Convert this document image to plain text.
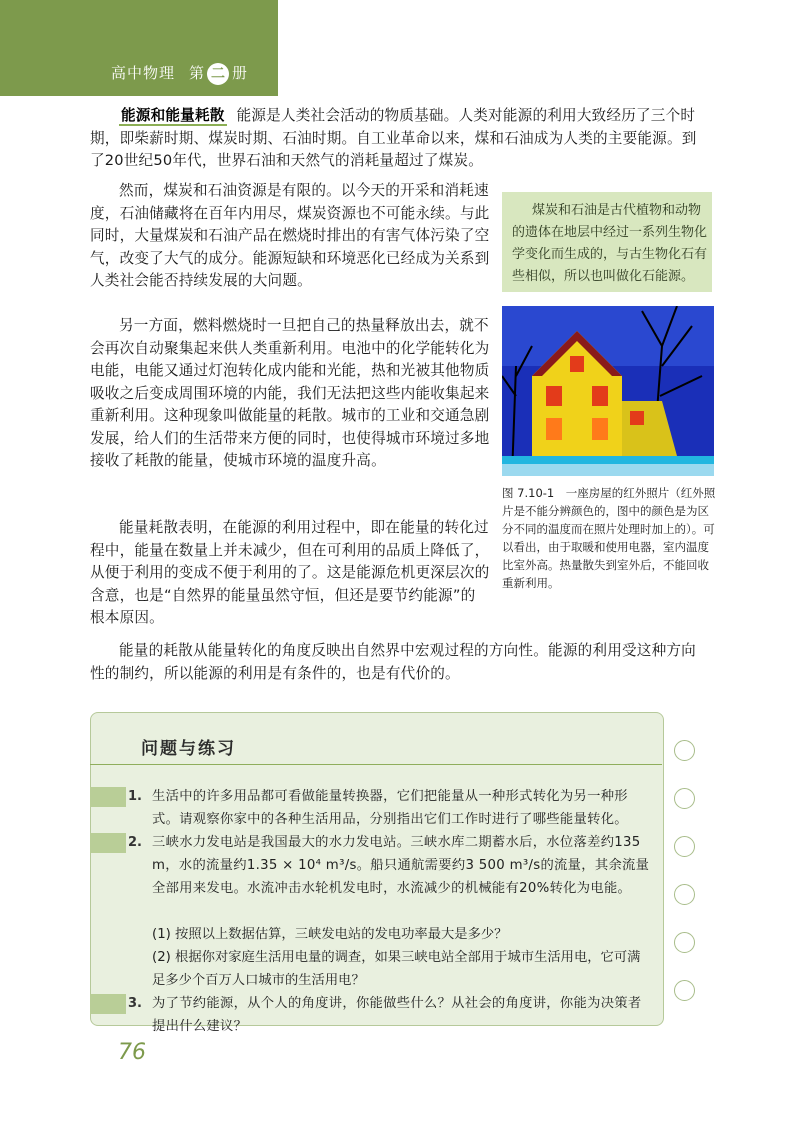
高中物理 第 二 册

能源和能量耗散 能源是人类社会活动的物质基础。人类对能源的利用大致经历了三个时期，即柴薪时期、煤炭时期、石油时期。自工业革命以来，煤和石油成为人类的主要能源。到了20世纪50年代，世界石油和天然气的消耗量超过了煤炭。

然而，煤炭和石油资源是有限的。以今天的开采和消耗速度，石油储藏将在百年内用尽，煤炭资源也不可能永续。与此同时，大量煤炭和石油产品在燃烧时排出的有害气体污染了空气，改变了大气的成分。能源短缺和环境恶化已经成为关系到人类社会能否持续发展的大问题。

另一方面，燃料燃烧时一旦把自己的热量释放出去，就不会再次自动聚集起来供人类重新利用。电池中的化学能转化为电能，电能又通过灯泡转化成内能和光能，热和光被其他物质吸收之后变成周围环境的内能，我们无法把这些内能收集起来重新利用。这种现象叫做能量的耗散。城市的工业和交通急剧发展，给人们的生活带来方便的同时，也使得城市环境过多地接收了耗散的能量，使城市环境的温度升高。

能量耗散表明，在能源的利用过程中，即在能量的转化过程中，能量在数量上并未减少，但在可利用的品质上降低了，从便于利用的变成不便于利用的了。这是能源危机更深层次的含意，也是“自然界的能量虽然守恒，但还是要节约能源”的根本原因。

能量的耗散从能量转化的角度反映出自然界中宏观过程的方向性。能源的利用受这种方向性的制约，所以能源的利用是有条件的，也是有代价的。

煤炭和石油是古代植物和动物的遗体在地层中经过一系列生物化学变化而生成的，与古生物化石有些相似，所以也叫做化石能源。

图 7.10-1　一座房屋的红外照片（红外照片是不能分辨颜色的，图中的颜色是为区分不同的温度而在照片处理时加上的）。可以看出，由于取暖和使用电器，室内温度比室外高。热量散失到室外后，不能回收重新利用。

问题与练习
1. 生活中的许多用品都可看做能量转换器，它们把能量从一种形式转化为另一种形式。请观察你家中的各种生活用品，分别指出它们工作时进行了哪些能量转化。

2. 三峡水力发电站是我国最大的水力发电站。三峡水库二期蓄水后，水位落差约135 m，水的流量约1.35 × 10⁴ m³/s。船只通航需要约3 500 m³/s的流量，其余流量全部用来发电。水流冲击水轮机发电时，水流减少的机械能有20%转化为电能。

(1) 按照以上数据估算，三峡发电站的发电功率最大是多少？

(2) 根据你对家庭生活用电量的调查，如果三峡电站全部用于城市生活用电，它可满足多少个百万人口城市的生活用电？

3. 为了节约能源，从个人的角度讲，你能做些什么？从社会的角度讲，你能为决策者提出什么建议？

76
